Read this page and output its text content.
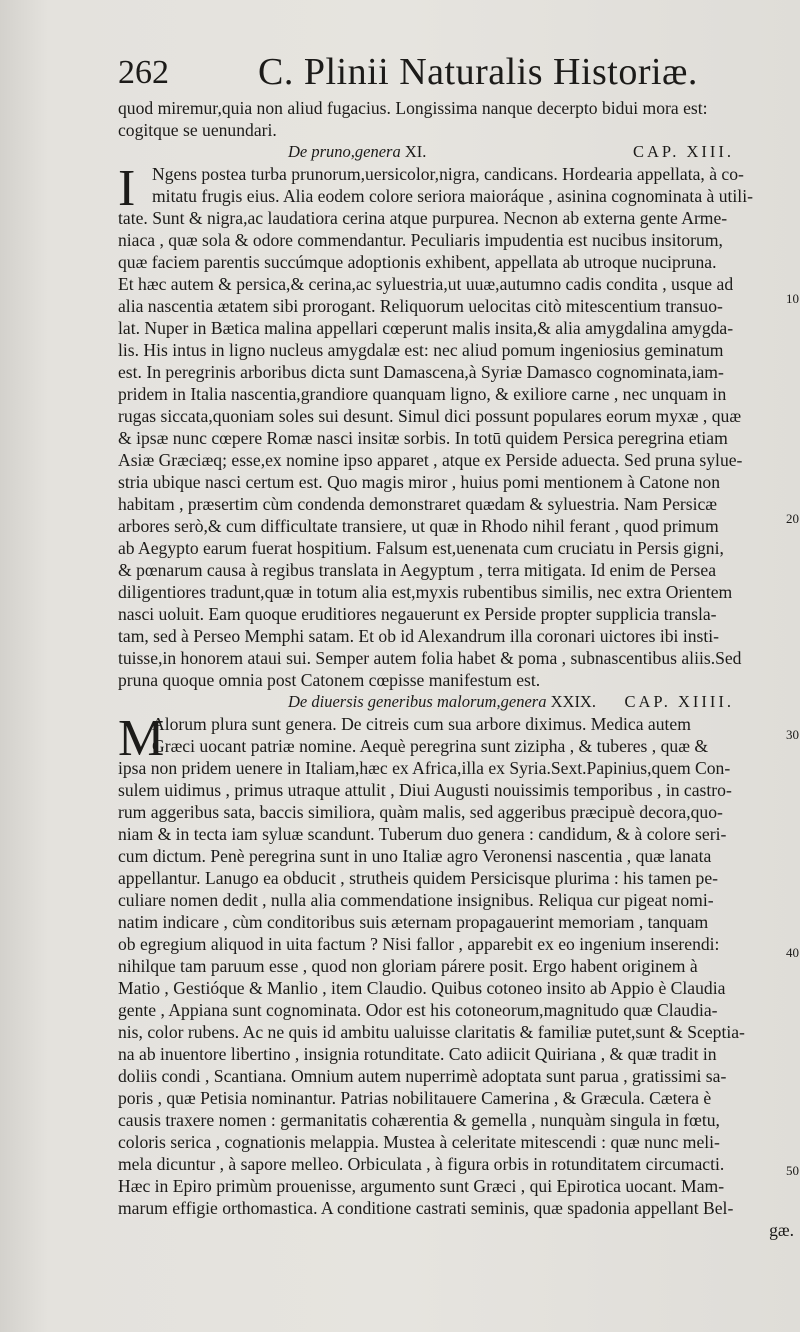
262 C. Plinii Naturalis Historiæ.
quod miremur,quia non aliud fugacius. Longissima nanque decerpto bidui mora est:
cogitque se uenundari.
De pruno,genera XI.	CAP. XIII.
I Ngens postea turba prunorum,uersicolor,nigra, candicans. Hordearia appellata, à co-
mitatu frugis eius. Alia eodem colore seriora maioráque , asinina cognominata à utili-
tate. Sunt & nigra,ac laudatiora cerina atque purpurea. Necnon ab externa gente Arme-
niaca , quæ sola & odore commendantur. Peculiaris impudentia est nucibus insitorum,
quæ faciem parentis succúmque adoptionis exhibent, appellata ab utroque nucipruna.
Et hæc autem & persica,& cerina,ac syluestria,ut uuæ,autumno cadis condita , usque ad
alia nascentia ætatem sibi prorogant. Reliquorum uelocitas citò mitescentium transuo-
lat. Nuper in Bætica malina appellari cœperunt malis insita,& alia amygdalina amygda-
lis. His intus in ligno nucleus amygdalæ est: nec aliud pomum ingeniosius geminatum
est. In peregrinis arboribus dicta sunt Damascena,à Syriæ Damasco cognominata,iam-
pridem in Italia nascentia,grandiore quanquam ligno, & exiliore carne , nec unquam in
rugas siccata,quoniam soles sui desunt. Simul dici possunt populares eorum myxæ , quæ
& ipsæ nunc cœpere Romæ nasci insitæ sorbis. In totū quidem Persica peregrina etiam
Asiæ Græciæq; esse,ex nomine ipso apparet , atque ex Perside aduecta. Sed pruna sylue-
stria ubique nasci certum est. Quo magis miror , huius pomi mentionem à Catone non
habitam , præsertim cùm condenda demonstraret quædam & syluestria. Nam Persicæ
arbores serò,& cum difficultate transiere, ut quæ in Rhodo nihil ferant , quod primum
ab Aegypto earum fuerat hospitium. Falsum est,uenenata cum cruciatu in Persis gigni,
& pœnarum causa à regibus translata in Aegyptum , terra mitigata. Id enim de Persea
diligentiores tradunt,quæ in totum alia est,myxis rubentibus similis, nec extra Orientem
nasci uoluit. Eam quoque eruditiores negauerunt ex Perside propter supplicia transla-
tam, sed à Perseo Memphi satam. Et ob id Alexandrum illa coronari uictores ibi insti-
tuisse,in honorem ataui sui. Semper autem folia habet & poma , subnascentibus aliis.Sed
pruna quoque omnia post Catonem cœpisse manifestum est.
De diuersis generibus malorum,genera XXIX. CAP. XIIII.
M
Alorum plura sunt genera. De citreis cum sua arbore diximus. Medica autem
Græci uocant patriæ nomine. Aequè peregrina sunt zizipha , & tuberes , quæ &
ipsa non pridem uenere in Italiam,hæc ex Africa,illa ex Syria.Sext.Papinius,quem Con-
sulem uidimus , primus utraque attulit , Diui Augusti nouissimis temporibus , in castro-
rum aggeribus sata, baccis similiora, quàm malis, sed aggeribus præcipuè decora,quo-
niam & in tecta iam syluæ scandunt. Tuberum duo genera : candidum, & à colore seri-
cum dictum. Penè peregrina sunt in uno Italiæ agro Veronensi nascentia , quæ lanata
appellantur. Lanugo ea obducit , strutheis quidem Persicisque plurima : his tamen pe-
culiare nomen dedit , nulla alia commendatione insignibus. Reliqua cur pigeat nomi-
natim indicare , cùm conditoribus suis æternam propagauerint memoriam , tanquam
ob egregium aliquod in uita factum ? Nisi fallor , apparebit ex eo ingenium inserendi:
nihilque tam paruum esse , quod non gloriam párere posit. Ergo habent originem à
Matio , Gestióque & Manlio , item Claudio. Quibus cotoneo insito ab Appio è Claudia
gente , Appiana sunt cognominata. Odor est his cotoneorum,magnitudo quæ Claudia-
nis, color rubens. Ac ne quis id ambitu ualuisse claritatis & familiæ putet,sunt & Sceptia-
na ab inuentore libertino , insignia rotunditate. Cato adiicit Quiriana , & quæ tradit in
doliis condi , Scantiana. Omnium autem nuperrimè adoptata sunt parua , gratissimi sa-
poris , quæ Petisia nominantur. Patrias nobilitauere Camerina , & Græcula. Cætera è
causis traxere nomen : germanitatis cohærentia & gemella , nunquàm singula in fœtu,
coloris serica , cognationis melappia. Mustea à celeritate mitescendi : quæ nunc meli-
mela dicuntur , à sapore melleo. Orbiculata , à figura orbis in rotunditatem circumacti.
Hæc in Epiro primùm prouenisse, argumento sunt Græci , qui Epirotica uocant. Mam-
marum effigie orthomastica. A conditione castrati seminis, quæ spadonia appellant Bel-
gæ.
10
20
30
40
50
